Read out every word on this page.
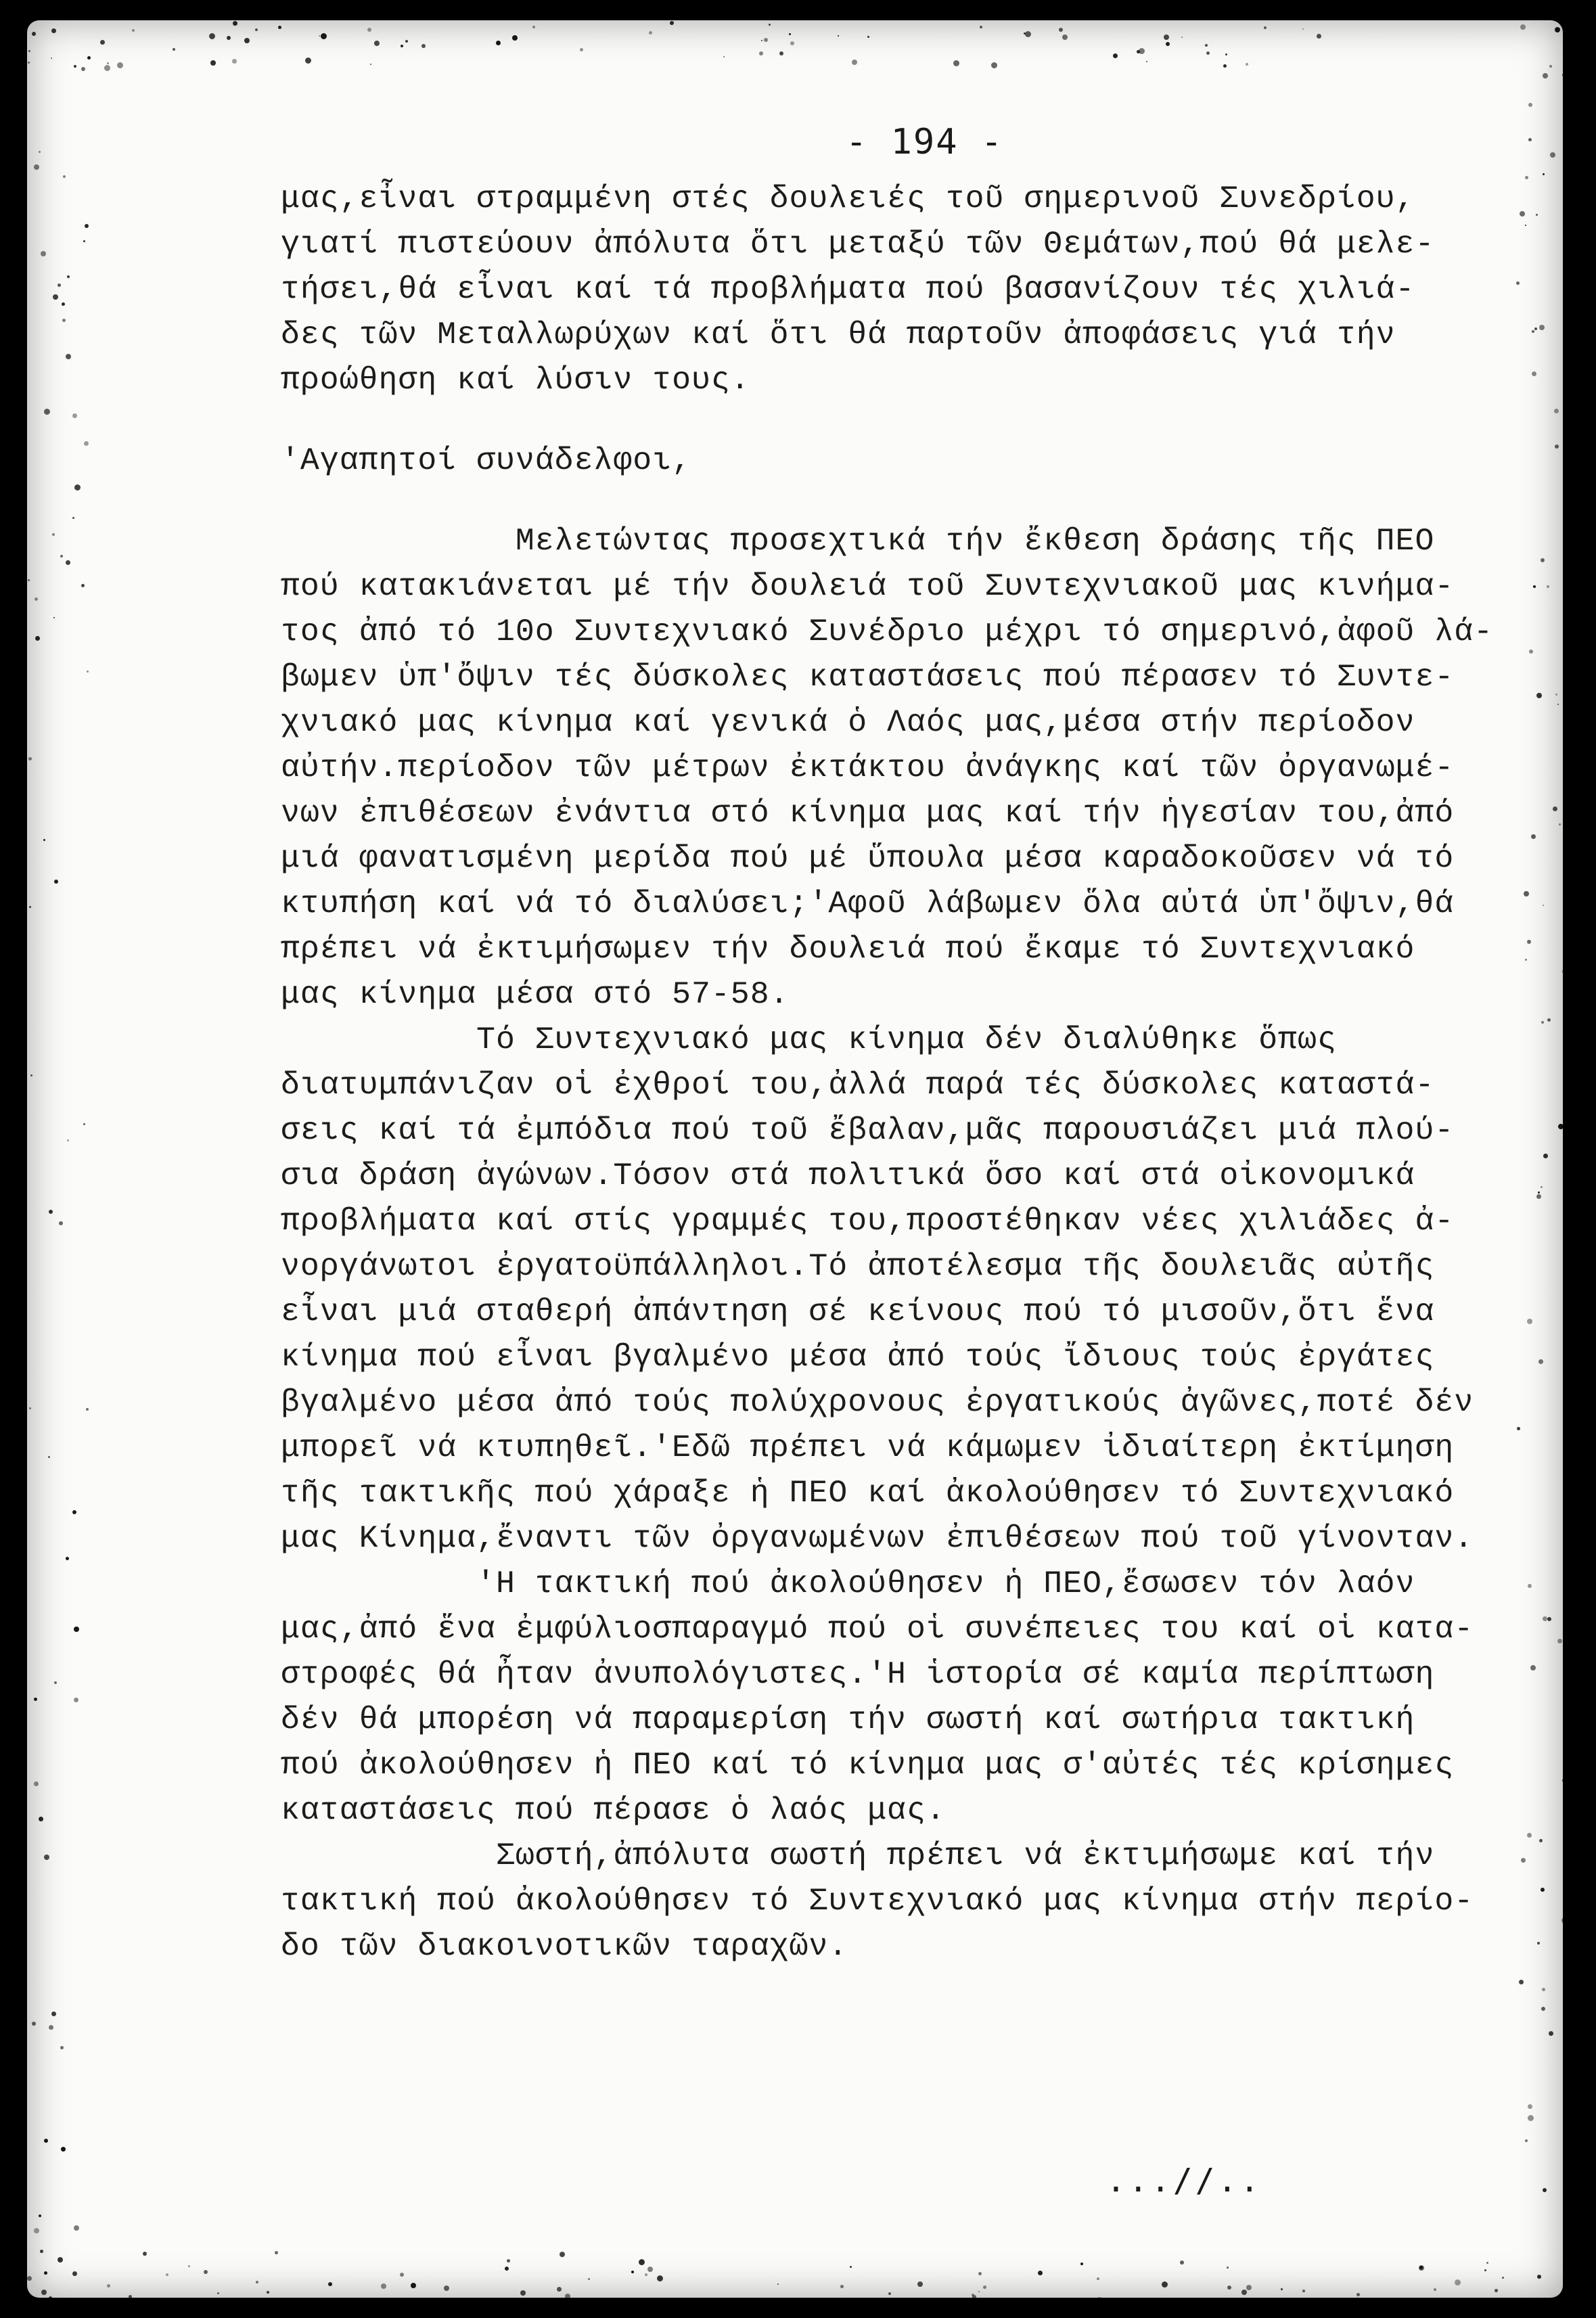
- 194 -
μας,εἶναι στραμμένη στές δουλειές τοῦ σημερινοῦ Συνεδρίου,
γιατί πιστεύουν ἀπόλυτα ὅτι μεταξύ τῶν Θεμάτων,πού θά μελε-
τήσει,θά εἶναι καί τά προβλήματα πού βασανίζουν τές χιλιά-
δες τῶν Μεταλλωρύχων καί ὅτι θά παρτοῦν ἀποφάσεις γιά τήν
προώθηση καί λύσιν τους.
'Αγαπητοί συνάδελφοι,
Μελετώντας προσεχτικά τήν ἔκθεση δράσης τῆς ΠΕΟ
πού κατακιάνεται μέ τήν δουλειά τοῦ Συντεχνιακοῦ μας κινήμα-
τος ἀπό τό 10ο Συντεχνιακό Συνέδριο μέχρι τό σημερινό,ἀφοῦ λά-
βωμεν ὑπ'ὄψιν τές δύσκολες καταστάσεις πού πέρασεν τό Συντε-
χνιακό μας κίνημα καί γενικά ὁ Λαός μας,μέσα στήν περίοδον
αὐτήν.περίοδον τῶν μέτρων ἐκτάκτου ἀνάγκης καί τῶν ὀργανωμέ-
νων ἐπιθέσεων ἐνάντια στό κίνημα μας καί τήν ἡγεσίαν του,ἀπό
μιά φανατισμένη μερίδα πού μέ ὕπουλα μέσα καραδοκοῦσεν νά τό
κτυπήση καί νά τό διαλύσει;'Αφοῦ λάβωμεν ὅλα αὐτά ὑπ'ὄψιν,θά
πρέπει νά ἐκτιμήσωμεν τήν δουλειά πού ἔκαμε τό Συντεχνιακό
μας κίνημα μέσα στό 57-58.
Τό Συντεχνιακό μας κίνημα δέν διαλύθηκε ὅπως
διατυμπάνιζαν οἱ ἐχθροί του,ἀλλά παρά τές δύσκολες καταστά-
σεις καί τά ἐμπόδια πού τοῦ ἔβαλαν,μᾶς παρουσιάζει μιά πλού-
σια δράση ἀγώνων.Τόσον στά πολιτικά ὅσο καί στά οἰκονομικά
προβλήματα καί στίς γραμμές του,προστέθηκαν νέες χιλιάδες ἀ-
νοργάνωτοι ἐργατοϋπάλληλοι.Τό ἀποτέλεσμα τῆς δουλειᾶς αὐτῆς
εἶναι μιά σταθερή ἀπάντηση σέ κείνους πού τό μισοῦν,ὅτι ἕνα
κίνημα πού εἶναι βγαλμένο μέσα ἀπό τούς ἴδιους τούς ἐργάτες
βγαλμένο μέσα ἀπό τούς πολύχρονους ἐργατικούς ἀγῶνες,ποτέ δέν
μπορεῖ νά κτυπηθεῖ.'Εδῶ πρέπει νά κάμωμεν ἰδιαίτερη ἐκτίμηση
τῆς τακτικῆς πού χάραξε ἡ ΠΕΟ καί ἀκολούθησεν τό Συντεχνιακό
μας Κίνημα,ἔναντι τῶν ὀργανωμένων ἐπιθέσεων πού τοῦ γίνονταν.
'Η τακτική πού ἀκολούθησεν ἡ ΠΕΟ,ἔσωσεν τόν λαόν
μας,ἀπό ἕνα ἐμφύλιοσπαραγμό πού οἱ συνέπειες του καί οἱ κατα-
στροφές θά ἦταν ἀνυπολόγιστες.'Η ἱστορία σέ καμία περίπτωση
δέν θά μπορέση νά παραμερίση τήν σωστή καί σωτήρια τακτική
πού ἀκολούθησεν ἡ ΠΕΟ καί τό κίνημα μας σ'αὐτές τές κρίσημες
καταστάσεις πού πέρασε ὁ λαός μας.
Σωστή,ἀπόλυτα σωστή πρέπει νά ἐκτιμήσωμε καί τήν
τακτική πού ἀκολούθησεν τό Συντεχνιακό μας κίνημα στήν περίο-
δο τῶν διακοινοτικῶν ταραχῶν.
...//..
